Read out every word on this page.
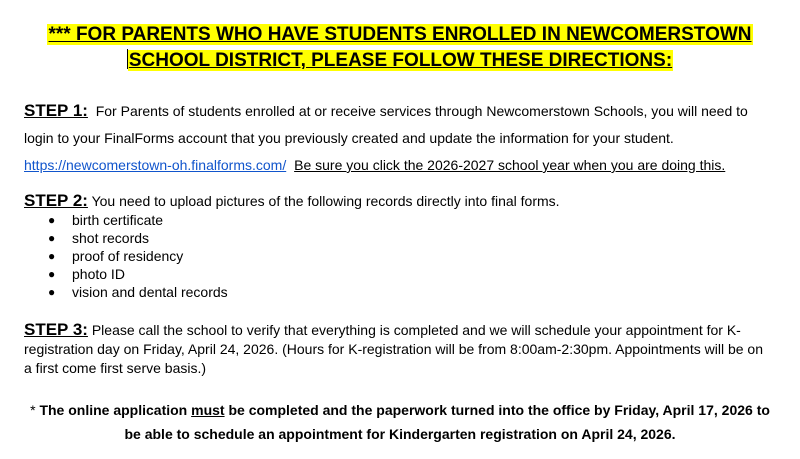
*** FOR PARENTS WHO HAVE STUDENTS ENROLLED IN NEWCOMERSTOWN
SCHOOL DISTRICT, PLEASE FOLLOW THESE DIRECTIONS:
STEP 1: For Parents of students enrolled at or receive services through Newcomerstown Schools, you will need to login to your FinalForms account that you previously created and update the information for your student.
https://newcomerstown-oh.finalforms.com/ Be sure you click the 2026-2027 school year when you are doing this.
STEP 2: You need to upload pictures of the following records directly into final forms.
● birth certificate
● shot records
● proof of residency
● photo ID
● vision and dental records
STEP 3: Please call the school to verify that everything is completed and we will schedule your appointment for K-registration day on Friday, April 24, 2026. (Hours for K-registration will be from 8:00am-2:30pm. Appointments will be on a first come first serve basis.)
* The online application must be completed and the paperwork turned into the office by Friday, April 17, 2026 to be able to schedule an appointment for Kindergarten registration on April 24, 2026.
